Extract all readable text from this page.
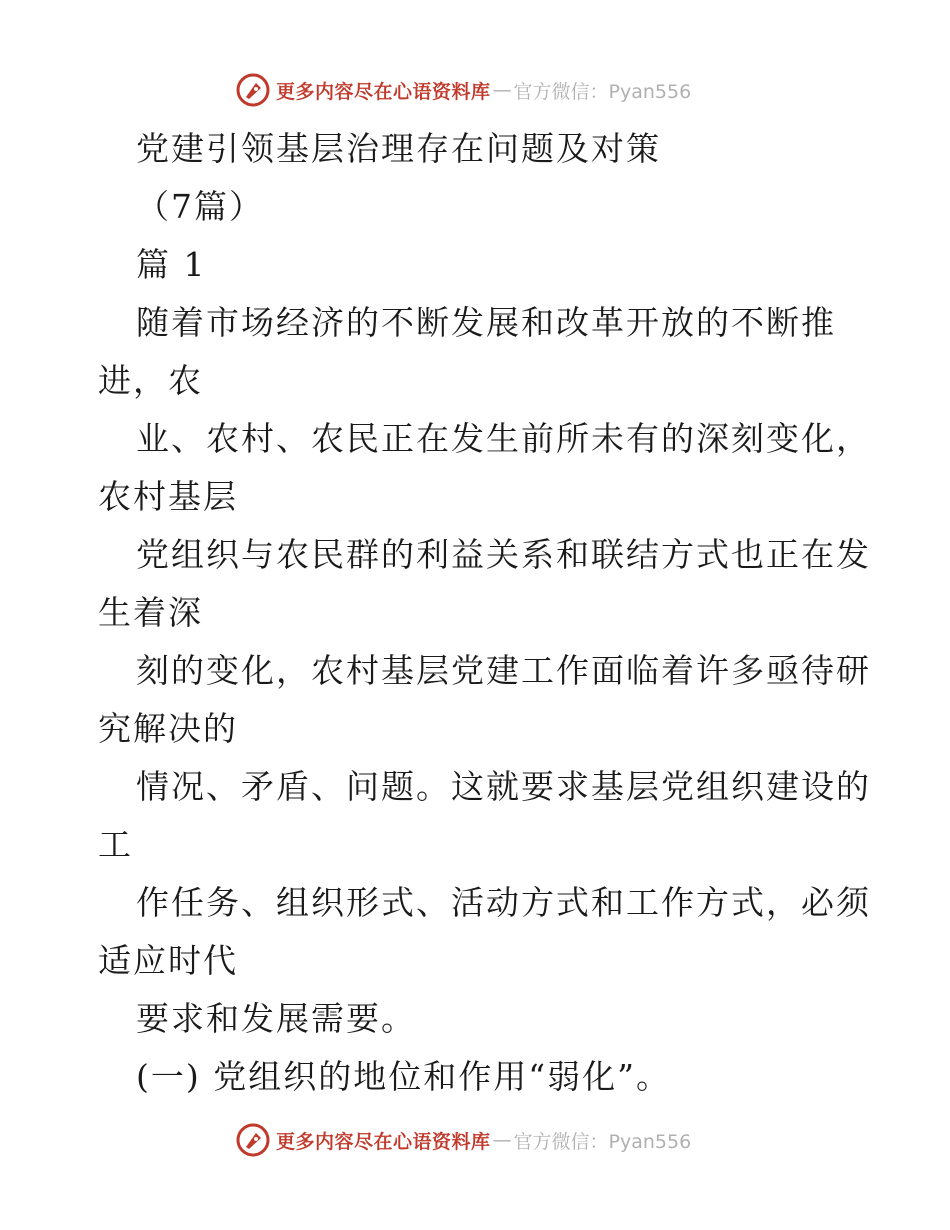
更多内容尽在心语资料库 — 官方微信：Pyan556
党建引领基层治理存在问题及对策
（7篇）
篇 1
随着市场经济的不断发展和改革开放的不断推
进，农
业、农村、农民正在发生前所未有的深刻变化，
农村基层
党组织与农民群的利益关系和联结方式也正在发
生着深
刻的变化，农村基层党建工作面临着许多亟待研
究解决的
情况、矛盾、问题。这就要求基层党组织建设的
工
作任务、组织形式、活动方式和工作方式，必须
适应时代
要求和发展需要。
(一) 党组织的地位和作用“弱化”。
更多内容尽在心语资料库 — 官方微信：Pyan556
